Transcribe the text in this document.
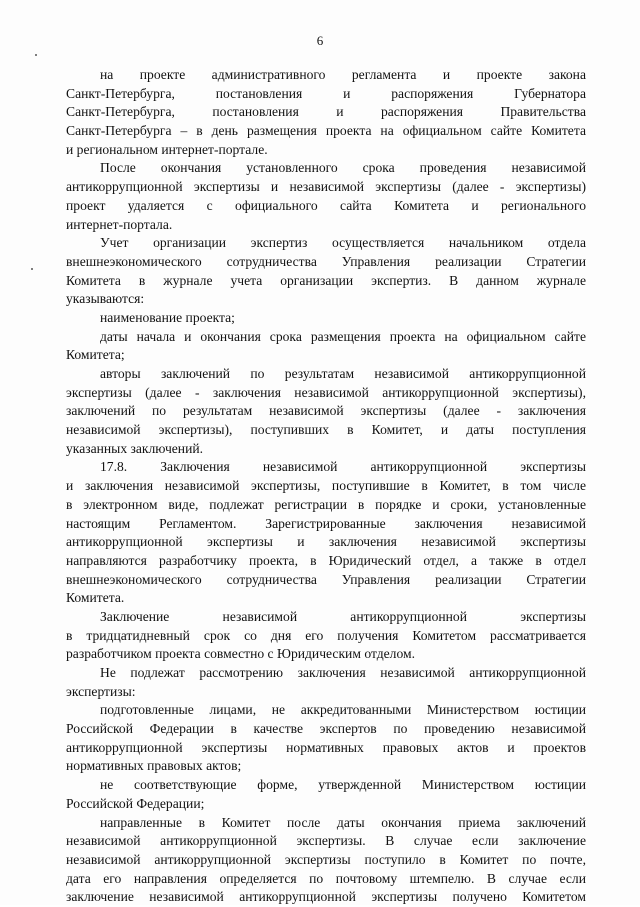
6
на проекте административного регламента и проекте закона
Санкт-Петербурга, постановления и распоряжения Губернатора
Санкт-Петербурга, постановления и распоряжения Правительства
Санкт-Петербурга – в день размещения проекта на официальном сайте Комитета
и региональном интернет-портале.
После окончания установленного срока проведения независимой
антикоррупционной экспертизы и независимой экспертизы (далее - экспертизы)
проект удаляется с официального сайта Комитета и регионального
интернет-портала.
Учет организации экспертиз осуществляется начальником отдела
внешнеэкономического сотрудничества Управления реализации Стратегии
Комитета в журнале учета организации экспертиз. В данном журнале
указываются:
наименование проекта;
даты начала и окончания срока размещения проекта на официальном сайте
Комитета;
авторы заключений по результатам независимой антикоррупционной
экспертизы (далее - заключения независимой антикоррупционной экспертизы),
заключений по результатам независимой экспертизы (далее - заключения
независимой экспертизы), поступивших в Комитет, и даты поступления
указанных заключений.
17.8. Заключения независимой антикоррупционной экспертизы
и заключения независимой экспертизы, поступившие в Комитет, в том числе
в электронном виде, подлежат регистрации в порядке и сроки, установленные
настоящим Регламентом. Зарегистрированные заключения независимой
антикоррупционной экспертизы и заключения независимой экспертизы
направляются разработчику проекта, в Юридический отдел, а также в отдел
внешнеэкономического сотрудничества Управления реализации Стратегии
Комитета.
Заключение независимой антикоррупционной экспертизы
в тридцатидневный срок со дня его получения Комитетом рассматривается
разработчиком проекта совместно с Юридическим отделом.
Не подлежат рассмотрению заключения независимой антикоррупционной
экспертизы:
подготовленные лицами, не аккредитованными Министерством юстиции
Российской Федерации в качестве экспертов по проведению независимой
антикоррупционной экспертизы нормативных правовых актов и проектов
нормативных правовых актов;
не соответствующие форме, утвержденной Министерством юстиции
Российской Федерации;
направленные в Комитет после даты окончания приема заключений
независимой антикоррупционной экспертизы. В случае если заключение
независимой антикоррупционной экспертизы поступило в Комитет по почте,
дата его направления определяется по почтовому штемпелю. В случае если
заключение независимой антикоррупционной экспертизы получено Комитетом
